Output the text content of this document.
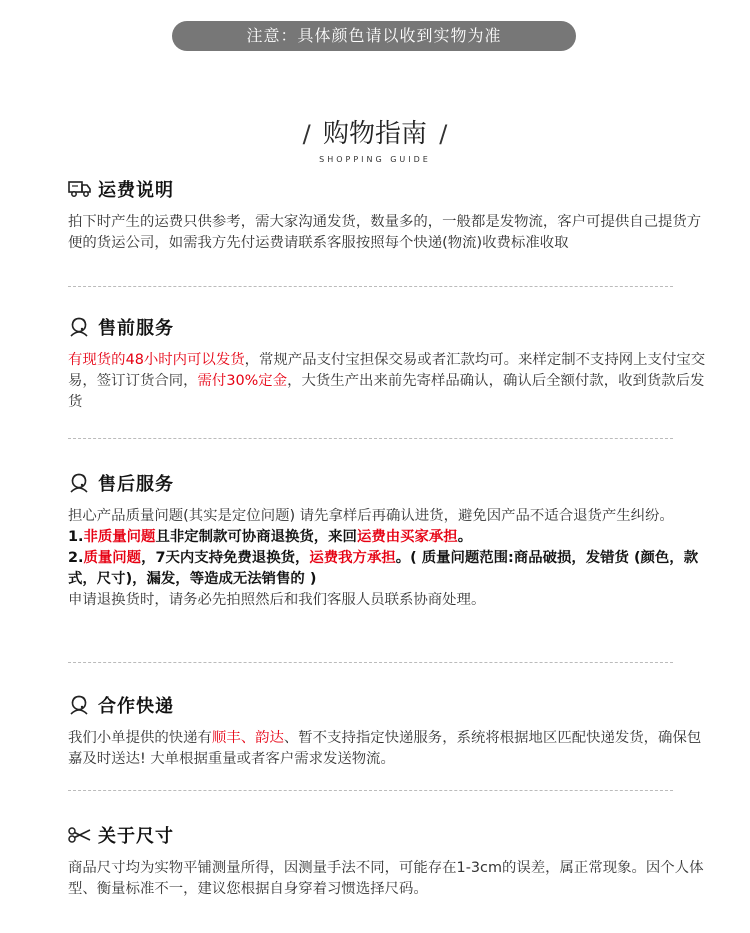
注意：具体颜色请以收到实物为准
/ 购物指南 /
SHOPPING GUIDE
运费说明

拍下时产生的运费只供参考，需大家沟通发货，数量多的，一般都是发物流，客户可提供自己提货方便的货运公司，如需我方先付运费请联系客服按照每个快递(物流)收费标准收取

售前服务

有现货的48小时内可以发货，常规产品支付宝担保交易或者汇款均可。来样定制不支持网上支付宝交易，签订订货合同，需付30%定金，大货生产出来前先寄样品确认，确认后全额付款，收到货款后发货

售后服务

担心产品质量问题(其实是定位问题) 请先拿样后再确认进货，避免因产品不适合退货产生纠纷。

1.非质量问题且非定制款可协商退换货，来回运费由买家承担。

2.质量问题，7天内支持免费退换货，运费我方承担。( 质量问题范围:商品破损，发错货 (颜色，款式，尺寸)，漏发，等造成无法销售的 )

申请退换货时，请务必先拍照然后和我们客服人员联系协商处理。

合作快递

我们小单提供的快递有顺丰、韵达、暂不支持指定快递服务，系统将根据地区匹配快递发货，确保包嘉及时送达! 大单根据重量或者客户需求发送物流。

关于尺寸

商品尺寸均为实物平铺测量所得，因测量手法不同，可能存在1-3cm的误差，属正常现象。因个人体型、衡量标准不一，建议您根据自身穿着习惯选择尺码。
